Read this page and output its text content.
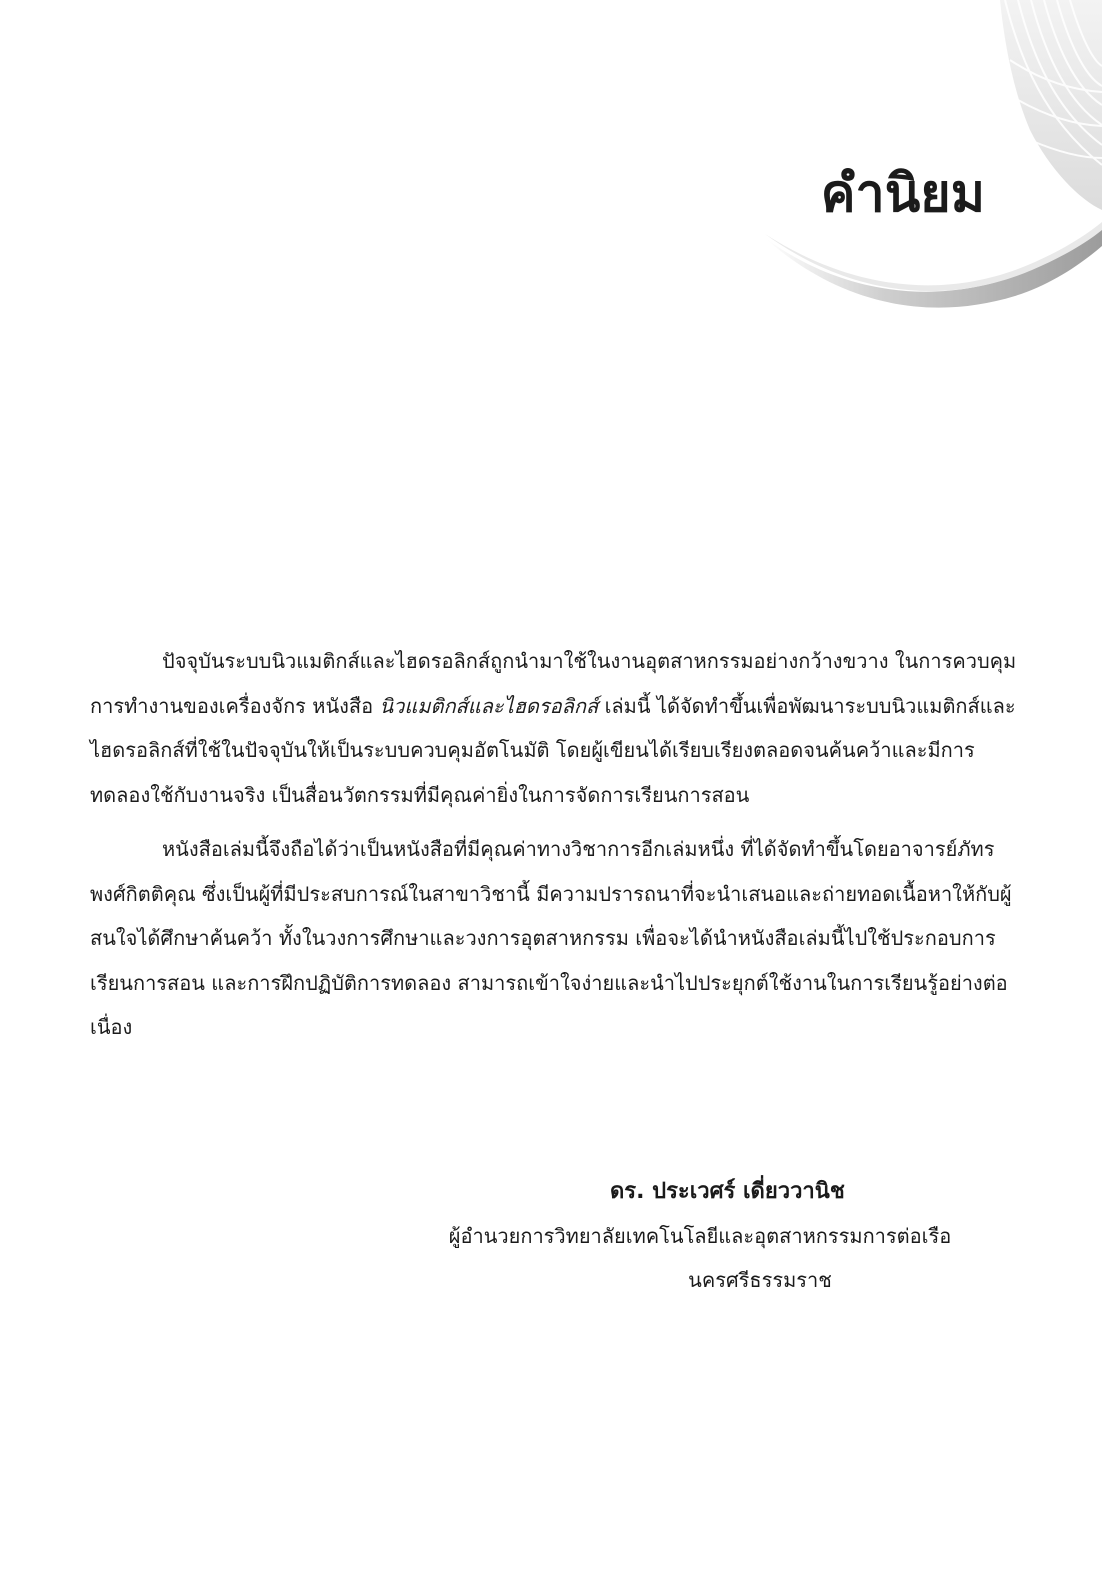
คำนิยม

ปัจจุบันระบบนิวแมติกส์และไฮดรอลิกส์ถูกนำมาใช้ในงานอุตสาหกรรมอย่างกว้างขวาง ในการควบคุมการทำงานของเครื่องจักร หนังสือ นิวแมติกส์และไฮดรอลิกส์ เล่มนี้ ได้จัดทำขึ้นเพื่อพัฒนาระบบนิวแมติกส์และไฮดรอลิกส์ที่ใช้ในปัจจุบันให้เป็นระบบควบคุมอัตโนมัติ โดยผู้เขียนได้เรียบเรียงตลอดจนค้นคว้าและมีการทดลองใช้กับงานจริง เป็นสื่อนวัตกรรมที่มีคุณค่ายิ่งในการจัดการเรียนการสอน

หนังสือเล่มนี้จึงถือได้ว่าเป็นหนังสือที่มีคุณค่าทางวิชาการอีกเล่มหนึ่ง ที่ได้จัดทำขึ้นโดยอาจารย์ภัทร พงศ์กิตติคุณ ซึ่งเป็นผู้ที่มีประสบการณ์ในสาขาวิชานี้ มีความปรารถนาที่จะนำเสนอและถ่ายทอดเนื้อหาให้กับผู้สนใจได้ศึกษาค้นคว้า ทั้งในวงการศึกษาและวงการอุตสาหกรรม เพื่อจะได้นำหนังสือเล่มนี้ไปใช้ประกอบการเรียนการสอน และการฝึกปฏิบัติการทดลอง สามารถเข้าใจง่ายและนำไปประยุกต์ใช้งานในการเรียนรู้อย่างต่อเนื่อง

ดร. ประเวศร์ เดี่ยววานิช
ผู้อำนวยการวิทยาลัยเทคโนโลยีและอุตสาหกรรมการต่อเรือ
นครศรีธรรมราช
